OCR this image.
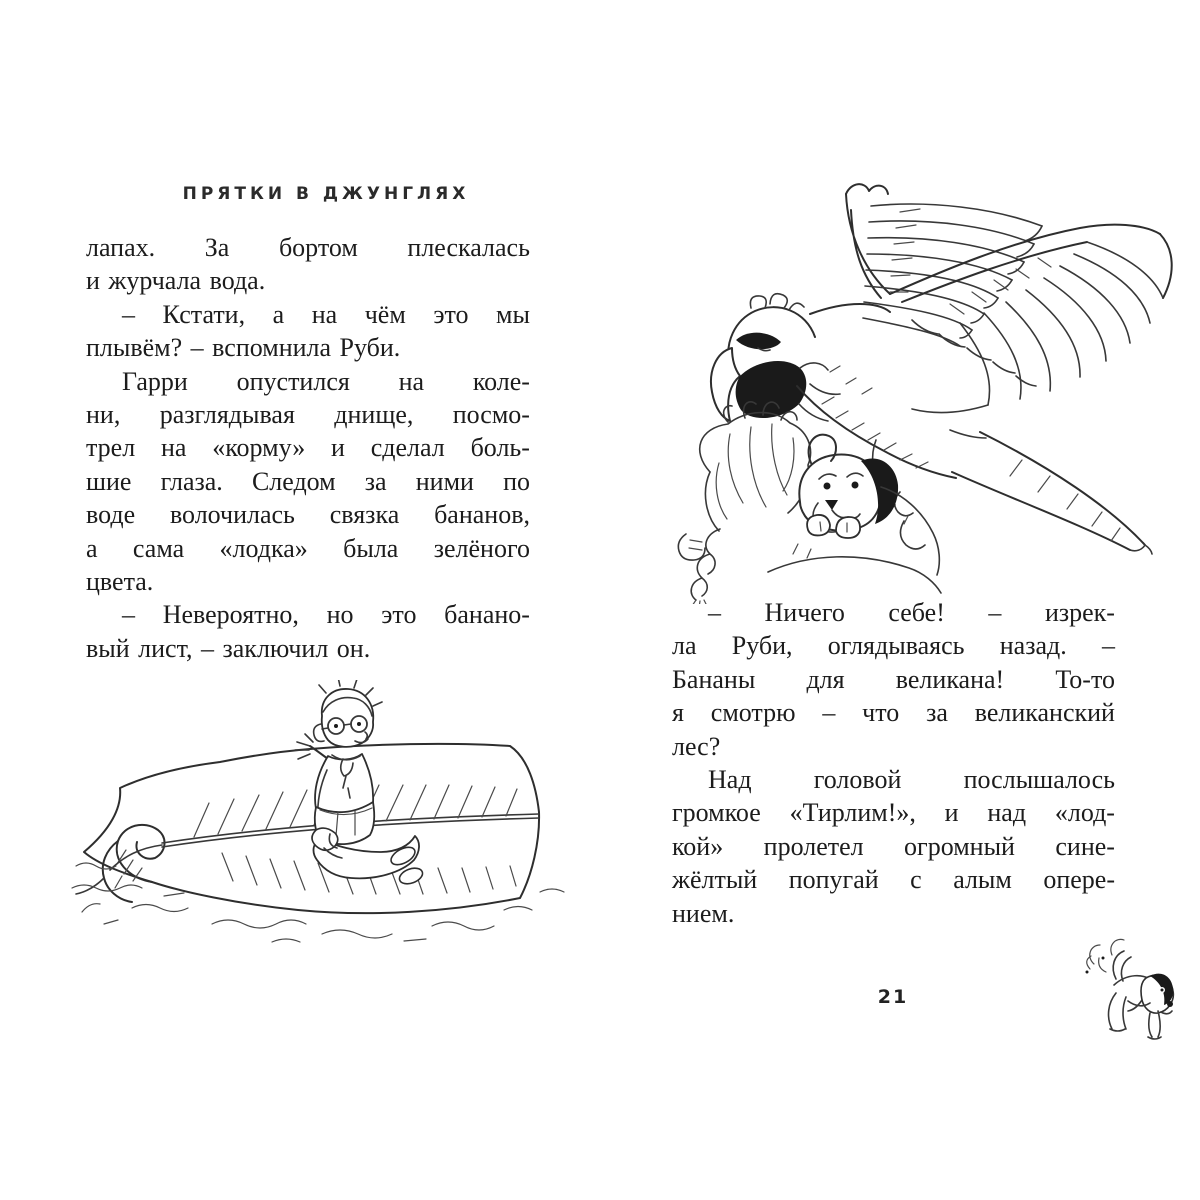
ПРЯТКИ В ДЖУНГЛЯХ
лапах. За бортом плескалась
и журчала вода.
– Кстати, а на чём это мы
плывём? – вспомнила Руби.
Гарри опустился на коле-
ни, разглядывая днище, посмо-
трел на «корму» и сделал боль-
шие глаза. Следом за ними по
воде волочилась связка бананов,
а сама «лодка» была зелёного
цвета.
– Невероятно, но это банано-
вый лист, – заключил он.
– Ничего себе! – изрек-
ла Руби, оглядываясь назад. –
Бананы для великана! То-то
я смотрю – что за великанский
лес?
Над головой послышалось
громкое «Тирлим!», и над «лод-
кой» пролетел огромный сине-
жёлтый попугай с алым опере-
нием.
21
